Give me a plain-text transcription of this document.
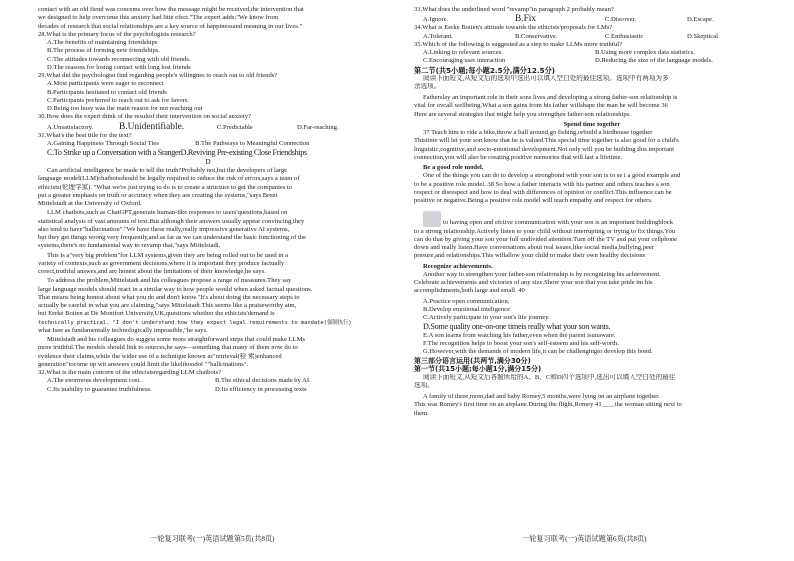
contact with an old fiend was concems over how the message might be received,the intervention that
we designed to help overcome this anxiety had litte efect."The expert adds:"We know from
decades of research that social relationships are a key source of happinessand meaning in our lives."
28.What is the primary focus of the psychologists research?
A.The benefits of maintaining friendships
B.The process of forming new friendships.
C.The attitudes towards reconnecting with old friends.
D.The reasons for losing contact with long lost friends
29.What did the psychologist find regarding people's wllingnes to reach out to old friends?
A.Most participants were eager to reconnect
B.Participants hesitated to contact old friends
C.Participants preferred to reach out to ask for favors.
D.Being too busy was the main reason for not reaching out
30.How does the expert think of the resultof their intervention on social anxiety?
A.Unsatisfactory.	B.Unidentifiable.	C.Predictable	D.Far-reaching.
31.What's the best title for the text?
A.Gaining Happiness Through Social Ties	B.The Pathways to Meaningful Connection
C.To Strike up a Conversation with a Sranger D.Reviving Pre-existing Close Friendships
D
Can artificial intelligence be made to tell the truth?Probably not,but the developers of large
language model(LLM)chatbotsshould be legally required to reduce the risk of errors,says a team of
ethicists(伦理学家). "What we're just trying to do is to create a structure to get the companies to
put a greater emphasis on truth or accuracy when they are creating the systems,"says Brent
Mittelstadt at the University of Oxford.
LLM chatbots,such as ChatGPT,generate human-like responses to users'questions,based on
statistical analysis of vast amounts of text.But although their answers usually appear convincing,they
also tend to have"hallucination"."We have these really,really impressive generative AI systems,
but they get things wrong very frequently,and as far as we can understand the basic functioning of the
systems,there's no fundamental way to revamp that,"says Mittelstadt.
This is a"very big problem"for LLM systems,given they are being rolled out to be used in a
variety of contexts,such as government decisions,where it is important they produce factually
corect,truthful answes,and are honest about the limitations of their knowledge,he says.
To address the problem,Mittelstadt and his colleagues propose a range of measures.They say
large language models should react in a similar way to how people would when asked factual questions.
That means being honest about what you do and don't know."It's about doing the necessary steps to
actually be careful in what you are claiming,"says Mittelstadt.This seems like a praiseworthy aim,
but Eerke Boiten at De Montfort University,UK,questions whether the ethicists'demand is
technically practical. "I don't understand how they expect legal requirements to mandate(强制执行)
what Isee as fundamentally technologically impossible,"he says.
Mittelstadt and his colleagues do suggest some more straightforward steps that could make LLMs
more truthful.The models should link to sources,he says—something that many of them now do to
evidence their claims,while the wider use of a technique known as"retrieval(检 索)enhanced
generation"tocome up wit answers could limit the likelihoodof ""hallcinations".
32.What is the main concern of the ethicistsregarding LLM chatbots?
A.The enormous development cost.	B.The ethical decisions made by AI.
C.Its inability to guarantee truthfulness.	D.Its efficiency in processing texts
33.What does the underlined word "revamp"in paragraph 2 probably mean?
A.Ignore.	B.Fix	C.Discover.	D.Escape.
34.What is Eerke Boiten's attitude towards the ethicists'proposals for LMs?
A.Tolerant.	B.Conservative.	C.Enthusiastic	D.Skeptical
35.Which of the following is suggested as a step to make LLMs more truthful?
A.Linking to relevant sources.	B.Using more complex data statistics.
C.Encouraging user interaction	D.Reducing the size of the language models.
第二节(共5小题;每小题2.5分,满分12.5分)
阅读下面短文,从短文后的选项中选出可以填入空白处的最佳选项。选项中有两项为多
余选项。
Fatherslay an important role in their sons lives and developing a strong father-son relationship is
vital for ovcall wellbeing.What a son gains from his father willshape the man he will become 36
Here are several strategies that might help you strengthen father-son relationships.
Spend time together
37 Teach him to ride a bike,throw a ball around,go fishing,orbuild a birdhouse together
Thistime will let your son know that he is valued.This special time together is also good for a child's
linguistic,cognitive,and socio-emotional development.Not only will you be building this important
connection,you will also be creating positive memories that will last a lifetime.
Be a good role model.
One of the things you can do to develop a strongbond with your son is to se t a good example and
to be a positive role model. 38 So how a father interacts with his partner and others teaches a son
respect or disrespect and how to deal with differences of opinion or conflict.This influence can be
positive or negative.Being a positive role model will teach empathy and respect for others.
to having open and efctive communication with your son is an important buildingblock
to a strong relationship.Actively listen to your child without interrupting or trying to fix things.You
can do that by giving your son your full undivided attention.Turn off the TV and put your cellphone
down and really listen.Have conversations about real issues,like social media,bullying,peer
presure,and relationships.This willallow your child to make their own healthy decisions
Recognize achievements.
Another way to strengthen your father-son relationship is by recognizing his achievement.
Celebrate achievements and victories of any size.Show your son that you take pride im his
accomplishments,both large and small. 40
A.Practice open communication.
B.Develop emotional inteligence
C.Actively participate in your son's life journey.
D.Some quality one-on-one timeis really what your son wants.
E.A son learns from watching his father,even when the parent isunaware.
F.The recognition helps to boost your son's self-esteem and his self-worth.
G.However,with the demands of modern life,it can be challengingto develop this bond.
第三部分语言运用(共两节,满分30分)
第一节(共15小题;每小题1分,满分15分)
阅读下面短文,从短文后各题所给的A、B、C和D四个选项中,选出可以填入空白处的最佳
选项。
A family of three,mom,dad and baby Romey,5 months,were lying on an airplane together.
This was Romey's first time on an airplane.During the flight,Romey 41____the woman sitting next to
them.
一轮复习联考(一)英语试题第5页(共8页)	一轮复习联考(一)英语试题第6页(共8页)
